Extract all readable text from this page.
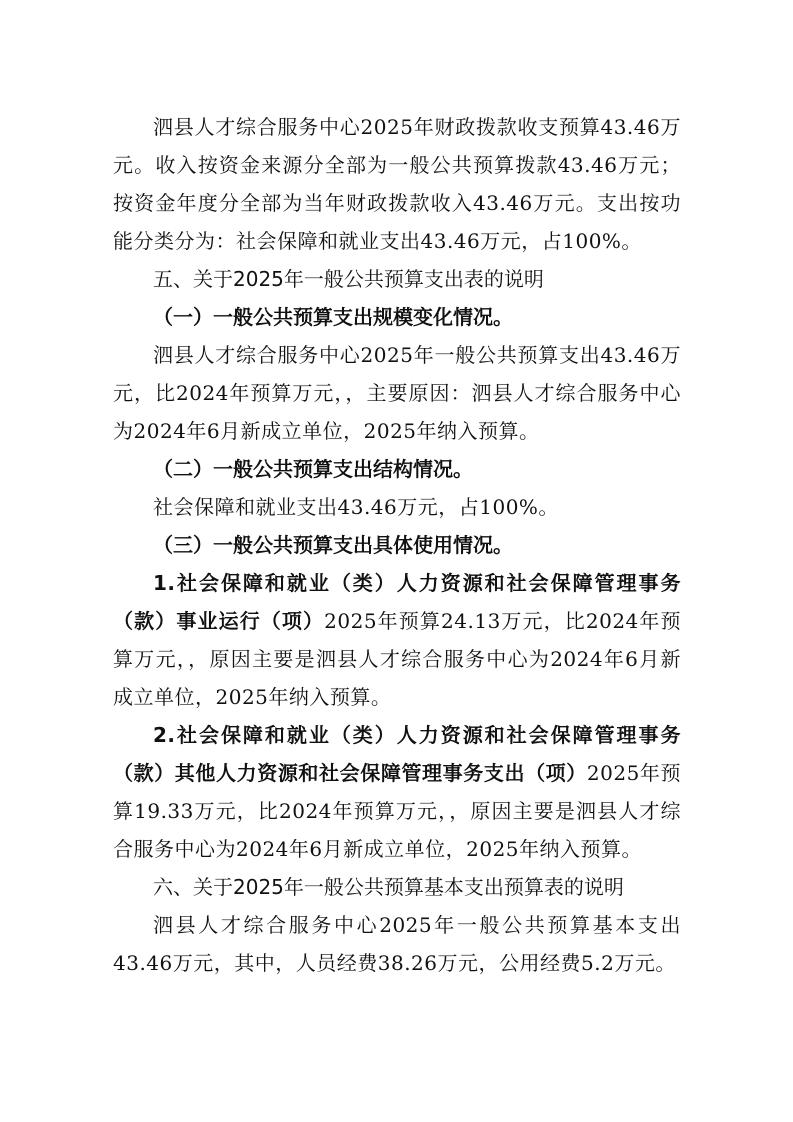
泗县人才综合服务中心2025年财政拨款收支预算43.46万元。收入按资金来源分全部为一般公共预算拨款43.46万元；按资金年度分全部为当年财政拨款收入43.46万元。支出按功能分类分为：社会保障和就业支出43.46万元，占100%。

五、关于2025年一般公共预算支出表的说明

（一）一般公共预算支出规模变化情况。

泗县人才综合服务中心2025年一般公共预算支出43.46万元，比2024年预算万元，，主要原因：泗县人才综合服务中心为2024年6月新成立单位，2025年纳入预算。

（二）一般公共预算支出结构情况。

社会保障和就业支出43.46万元，占100%。

（三）一般公共预算支出具体使用情况。

1.社会保障和就业（类）人力资源和社会保障管理事务（款）事业运行（项）2025年预算24.13万元，比2024年预算万元，，原因主要是泗县人才综合服务中心为2024年6月新成立单位，2025年纳入预算。

2.社会保障和就业（类）人力资源和社会保障管理事务（款）其他人力资源和社会保障管理事务支出（项）2025年预算19.33万元，比2024年预算万元，，原因主要是泗县人才综合服务中心为2024年6月新成立单位，2025年纳入预算。

六、关于2025年一般公共预算基本支出预算表的说明

泗县人才综合服务中心2025年一般公共预算基本支出43.46万元，其中，人员经费38.26万元，公用经费5.2万元。
